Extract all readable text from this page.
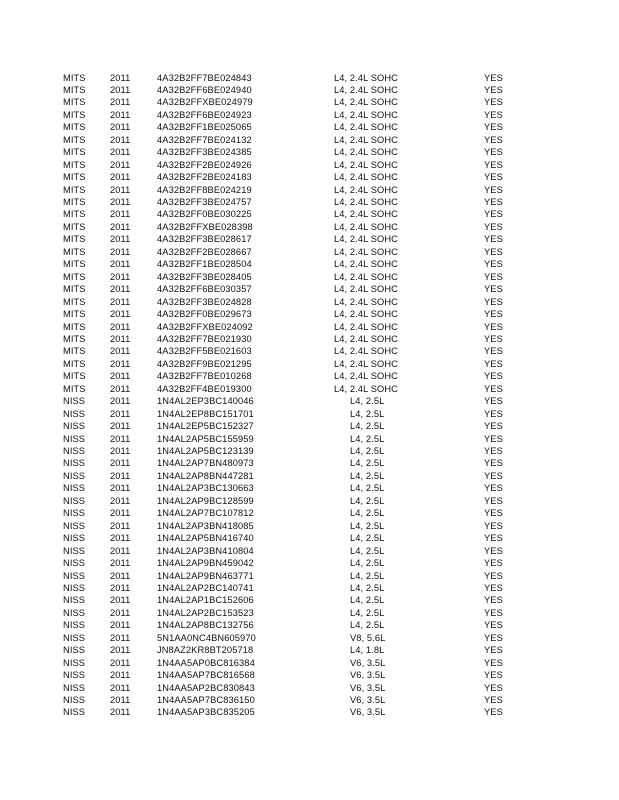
MITS	2011	4A32B2FF7BE024843	L4, 2.4L SOHC	YES
MITS	2011	4A32B2FF6BE024940	L4, 2.4L SOHC	YES
MITS	2011	4A32B2FFXBE024979	L4, 2.4L SOHC	YES
MITS	2011	4A32B2FF6BE024923	L4, 2.4L SOHC	YES
MITS	2011	4A32B2FF1BE025065	L4, 2.4L SOHC	YES
MITS	2011	4A32B2FF7BE024132	L4, 2.4L SOHC	YES
MITS	2011	4A32B2FF3BE024385	L4, 2.4L SOHC	YES
MITS	2011	4A32B2FF2BE024926	L4, 2.4L SOHC	YES
MITS	2011	4A32B2FF2BE024183	L4, 2.4L SOHC	YES
MITS	2011	4A32B2FF8BE024219	L4, 2.4L SOHC	YES
MITS	2011	4A32B2FF3BE024757	L4, 2.4L SOHC	YES
MITS	2011	4A32B2FF0BE030225	L4, 2.4L SOHC	YES
MITS	2011	4A32B2FFXBE028398	L4, 2.4L SOHC	YES
MITS	2011	4A32B2FF3BE028617	L4, 2.4L SOHC	YES
MITS	2011	4A32B2FF2BE028667	L4, 2.4L SOHC	YES
MITS	2011	4A32B2FF1BE028504	L4, 2.4L SOHC	YES
MITS	2011	4A32B2FF3BE028405	L4, 2.4L SOHC	YES
MITS	2011	4A32B2FF6BE030357	L4, 2.4L SOHC	YES
MITS	2011	4A32B2FF3BE024828	L4, 2.4L SOHC	YES
MITS	2011	4A32B2FF0BE029673	L4, 2.4L SOHC	YES
MITS	2011	4A32B2FFXBE024092	L4, 2.4L SOHC	YES
MITS	2011	4A32B2FF7BE021930	L4, 2.4L SOHC	YES
MITS	2011	4A32B2FF5BE021603	L4, 2.4L SOHC	YES
MITS	2011	4A32B2FF9BE021295	L4, 2.4L SOHC	YES
MITS	2011	4A32B2FF7BE010268	L4, 2.4L SOHC	YES
MITS	2011	4A32B2FF4BE019300	L4, 2.4L SOHC	YES
NISS	2011	1N4AL2EP3BC140046	L4, 2.5L	YES
NISS	2011	1N4AL2EP8BC151701	L4, 2.5L	YES
NISS	2011	1N4AL2EP5BC152327	L4, 2.5L	YES
NISS	2011	1N4AL2AP5BC155959	L4, 2.5L	YES
NISS	2011	1N4AL2AP5BC123139	L4, 2.5L	YES
NISS	2011	1N4AL2AP7BN480973	L4, 2.5L	YES
NISS	2011	1N4AL2AP8BN447281	L4, 2.5L	YES
NISS	2011	1N4AL2AP3BC130663	L4, 2.5L	YES
NISS	2011	1N4AL2AP9BC128599	L4, 2.5L	YES
NISS	2011	1N4AL2AP7BC107812	L4, 2.5L	YES
NISS	2011	1N4AL2AP3BN418085	L4, 2.5L	YES
NISS	2011	1N4AL2AP5BN416740	L4, 2.5L	YES
NISS	2011	1N4AL2AP3BN410804	L4, 2.5L	YES
NISS	2011	1N4AL2AP9BN459042	L4, 2.5L	YES
NISS	2011	1N4AL2AP9BN463771	L4, 2.5L	YES
NISS	2011	1N4AL2AP2BC140741	L4, 2.5L	YES
NISS	2011	1N4AL2AP1BC152606	L4, 2.5L	YES
NISS	2011	1N4AL2AP2BC153523	L4, 2.5L	YES
NISS	2011	1N4AL2AP8BC132756	L4, 2.5L	YES
NISS	2011	5N1AA0NC4BN605970	V8, 5.6L	YES
NISS	2011	JN8AZ2KR8BT205718	L4, 1.8L	YES
NISS	2011	1N4AA5AP0BC816384	V6, 3.5L	YES
NISS	2011	1N4AA5AP7BC816568	V6, 3.5L	YES
NISS	2011	1N4AA5AP2BC830843	V6, 3.5L	YES
NISS	2011	1N4AA5AP7BC836150	V6, 3.5L	YES
NISS	2011	1N4AA5AP3BC835205	V6, 3.5L	YES
